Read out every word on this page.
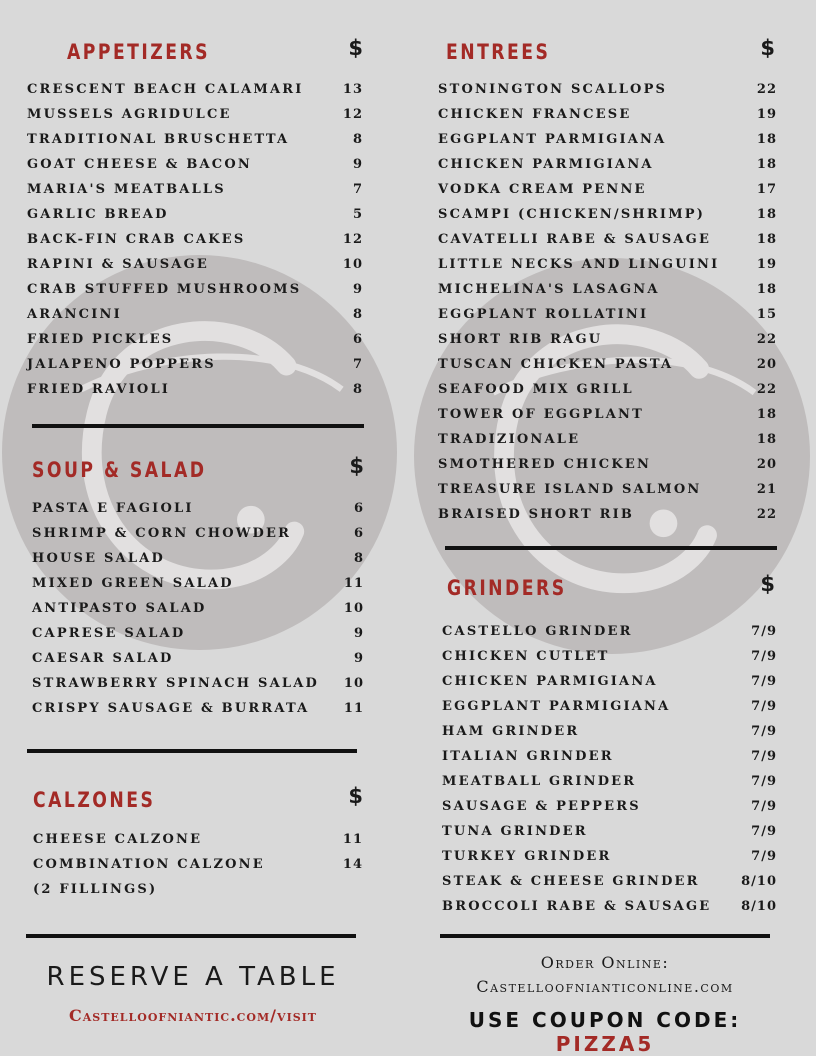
APPETIZERS	$
CRESCENT BEACH CALAMARI	13
MUSSELS AGRIDULCE	12
TRADITIONAL BRUSCHETTA	8
GOAT CHEESE & BACON	9
MARIA'S MEATBALLS	7
GARLIC BREAD	5
BACK-FIN CRAB CAKES	12
RAPINI & SAUSAGE	10
CRAB STUFFED MUSHROOMS	9
ARANCINI	8
FRIED PICKLES	6
JALAPENO POPPERS	7
FRIED RAVIOLI	8
SOUP & SALAD	$
PASTA E FAGIOLI	6
SHRIMP & CORN CHOWDER	6
HOUSE SALAD	8
MIXED GREEN SALAD	11
ANTIPASTO SALAD	10
CAPRESE SALAD	9
CAESAR SALAD	9
STRAWBERRY SPINACH SALAD 10
CRISPY SAUSAGE & BURRATA	11
CALZONES	$
CHEESE CALZONE	11
COMBINATION CALZONE	14
(2 FILLINGS)
ENTREES	$
STONINGTON SCALLOPS	22
CHICKEN FRANCESE	19
EGGPLANT PARMIGIANA	18
CHICKEN PARMIGIANA	18
VODKA CREAM PENNE	17
SCAMPI (CHICKEN/SHRIMP)	18
CAVATELLI RABE & SAUSAGE	18
LITTLE NECKS AND LINGUINI	19
MICHELINA'S LASAGNA	18
EGGPLANT ROLLATINI	15
SHORT RIB RAGU	22
TUSCAN CHICKEN PASTA	20
SEAFOOD MIX GRILL	22
TOWER OF EGGPLANT	18
TRADIZIONALE	18
SMOTHERED CHICKEN	20
TREASURE ISLAND SALMON	21
BRAISED SHORT RIB	22
GRINDERS	$
CASTELLO GRINDER	7/9
CHICKEN CUTLET	7/9
CHICKEN PARMIGIANA	7/9
EGGPLANT PARMIGIANA	7/9
HAM GRINDER	7/9
ITALIAN GRINDER	7/9
MEATBALL GRINDER	7/9
SAUSAGE & PEPPERS	7/9
TUNA GRINDER	7/9
TURKEY GRINDER	7/9
STEAK & CHEESE GRINDER	8/10
BROCCOLI RABE & SAUSAGE 8/10
RESERVE A TABLE
Castelloofniantic.com/visit
Order Online:
Castelloofnianticonline.com
USE COUPON CODE: PIZZA5
